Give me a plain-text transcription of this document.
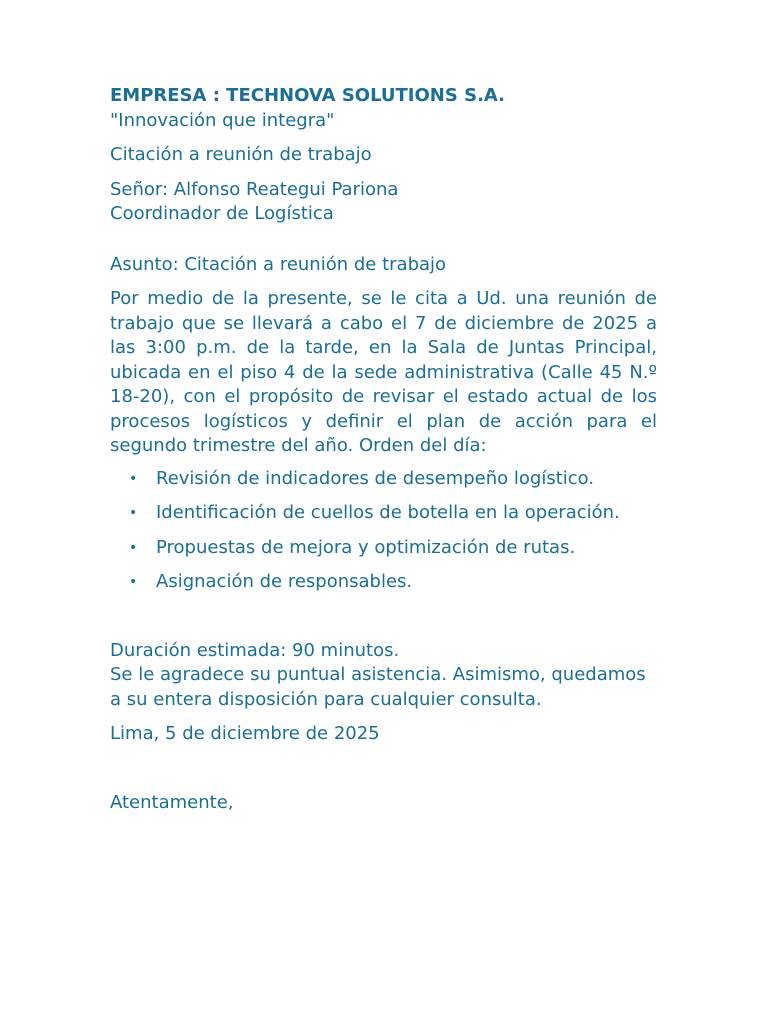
EMPRESA : TECHNOVA SOLUTIONS S.A.

"Innovación que integra"

Citación a reunión de trabajo

Señor: Alfonso Reategui Pariona

Coordinador de Logística

Asunto: Citación a reunión de trabajo

Por medio de la presente, se le cita a Ud. una reunión de trabajo que se llevará a cabo el 7 de diciembre de 2025 a las 3:00 p.m. de la tarde, en la Sala de Juntas Principal, ubicada en el piso 4 de la sede administrativa (Calle 45 N.º 18-20), con el propósito de revisar el estado actual de los procesos logísticos y definir el plan de acción para el segundo trimestre del año. Orden del día:

• Revisión de indicadores de desempeño logístico.
• Identificación de cuellos de botella en la operación.
• Propuestas de mejora y optimización de rutas.
• Asignación de responsables.

Duración estimada: 90 minutos.

Se le agradece su puntual asistencia. Asimismo, quedamos a su entera disposición para cualquier consulta.

Lima, 5 de diciembre de 2025

Atentamente,
